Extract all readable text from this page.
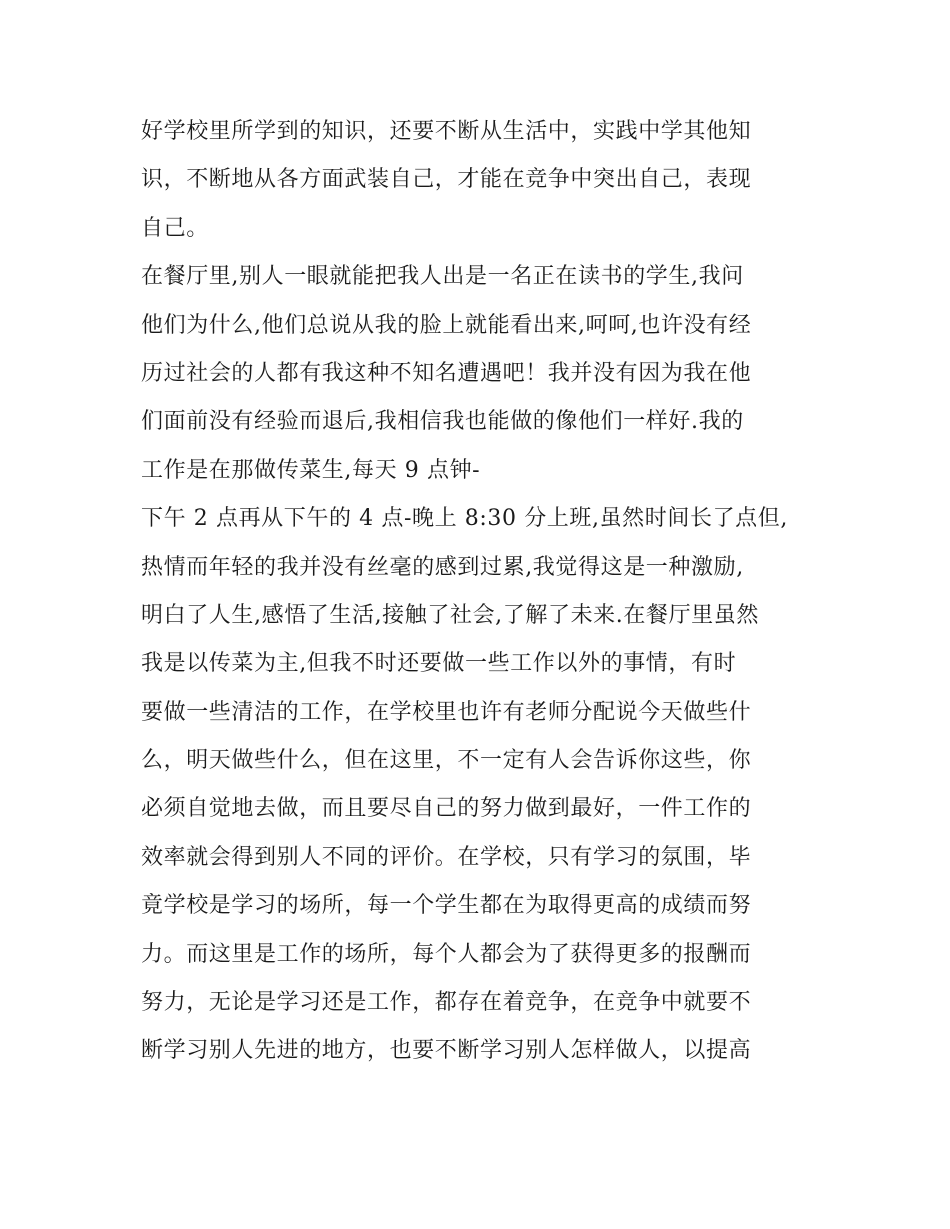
好学校里所学到的知识，还要不断从生活中，实践中学其他知
识，不断地从各方面武装自己，才能在竞争中突出自己，表现
自己。
在餐厅里,别人一眼就能把我人出是一名正在读书的学生,我问
他们为什么,他们总说从我的脸上就能看出来,呵呵,也许没有经
历过社会的人都有我这种不知名遭遇吧！我并没有因为我在他
们面前没有经验而退后,我相信我也能做的像他们一样好.我的
工作是在那做传菜生,每天 9 点钟-
下午 2 点再从下午的 4 点-晚上 8:30 分上班,虽然时间长了点但,
热情而年轻的我并没有丝毫的感到过累,我觉得这是一种激励,
明白了人生,感悟了生活,接触了社会,了解了未来.在餐厅里虽然
我是以传菜为主,但我不时还要做一些工作以外的事情，有时
要做一些清洁的工作，在学校里也许有老师分配说今天做些什
么，明天做些什么，但在这里，不一定有人会告诉你这些，你
必须自觉地去做，而且要尽自己的努力做到最好，一件工作的
效率就会得到别人不同的评价。在学校，只有学习的氛围，毕
竟学校是学习的场所，每一个学生都在为取得更高的成绩而努
力。而这里是工作的场所，每个人都会为了获得更多的报酬而
努力，无论是学习还是工作，都存在着竞争，在竞争中就要不
断学习别人先进的地方，也要不断学习别人怎样做人，以提高
